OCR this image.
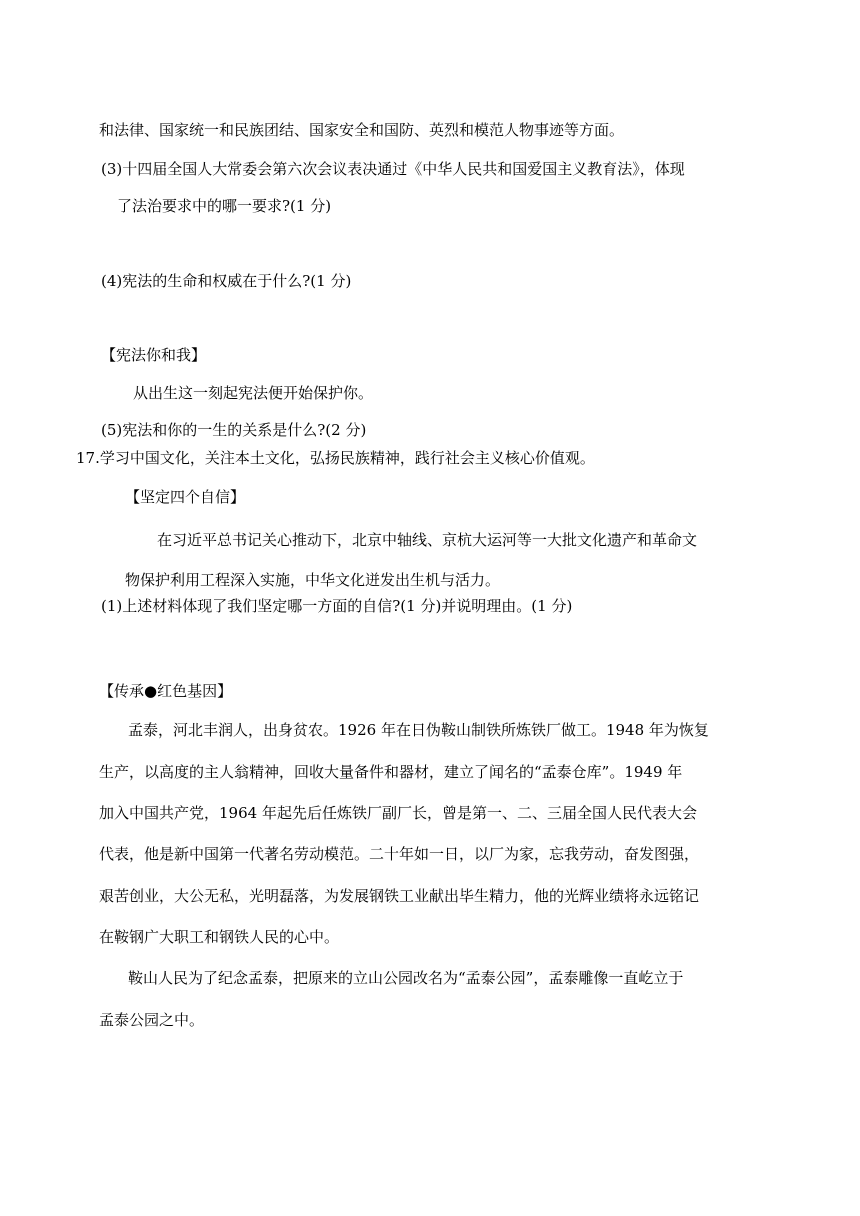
和法律、国家统一和民族团结、国家安全和国防、英烈和模范人物事迹等方面。
(3)十四届全国人大常委会第六次会议表决通过《中华人民共和国爱国主义教育法》，体现
了法治要求中的哪一要求?(1 分)
(4)宪法的生命和权威在于什么?(1 分)
【宪法你和我】
从出生这一刻起宪法便开始保护你。
(5)宪法和你的一生的关系是什么?(2 分)
17.学习中国文化，关注本土文化，弘扬民族精神，践行社会主义核心价值观。
【坚定四个自信】
在习近平总书记关心推动下，北京中轴线、京杭大运河等一大批文化遗产和革命文
物保护利用工程深入实施，中华文化迸发出生机与活力。
(1)上述材料体现了我们坚定哪一方面的自信?(1 分)并说明理由。(1 分)
【传承●红色基因】
孟泰，河北丰润人，出身贫农。1926 年在日伪鞍山制铁所炼铁厂做工。1948 年为恢复
生产，以高度的主人翁精神，回收大量备件和器材，建立了闻名的“孟泰仓库”。1949 年
加入中国共产党，1964 年起先后任炼铁厂副厂长，曾是第一、二、三届全国人民代表大会
代表，他是新中国第一代著名劳动模范。二十年如一日，以厂为家，忘我劳动，奋发图强，
艰苦创业，大公无私，光明磊落，为发展钢铁工业献出毕生精力，他的光辉业绩将永远铭记
在鞍钢广大职工和钢铁人民的心中。
鞍山人民为了纪念孟泰，把原来的立山公园改名为“孟泰公园”，孟泰雕像一直屹立于
孟泰公园之中。
